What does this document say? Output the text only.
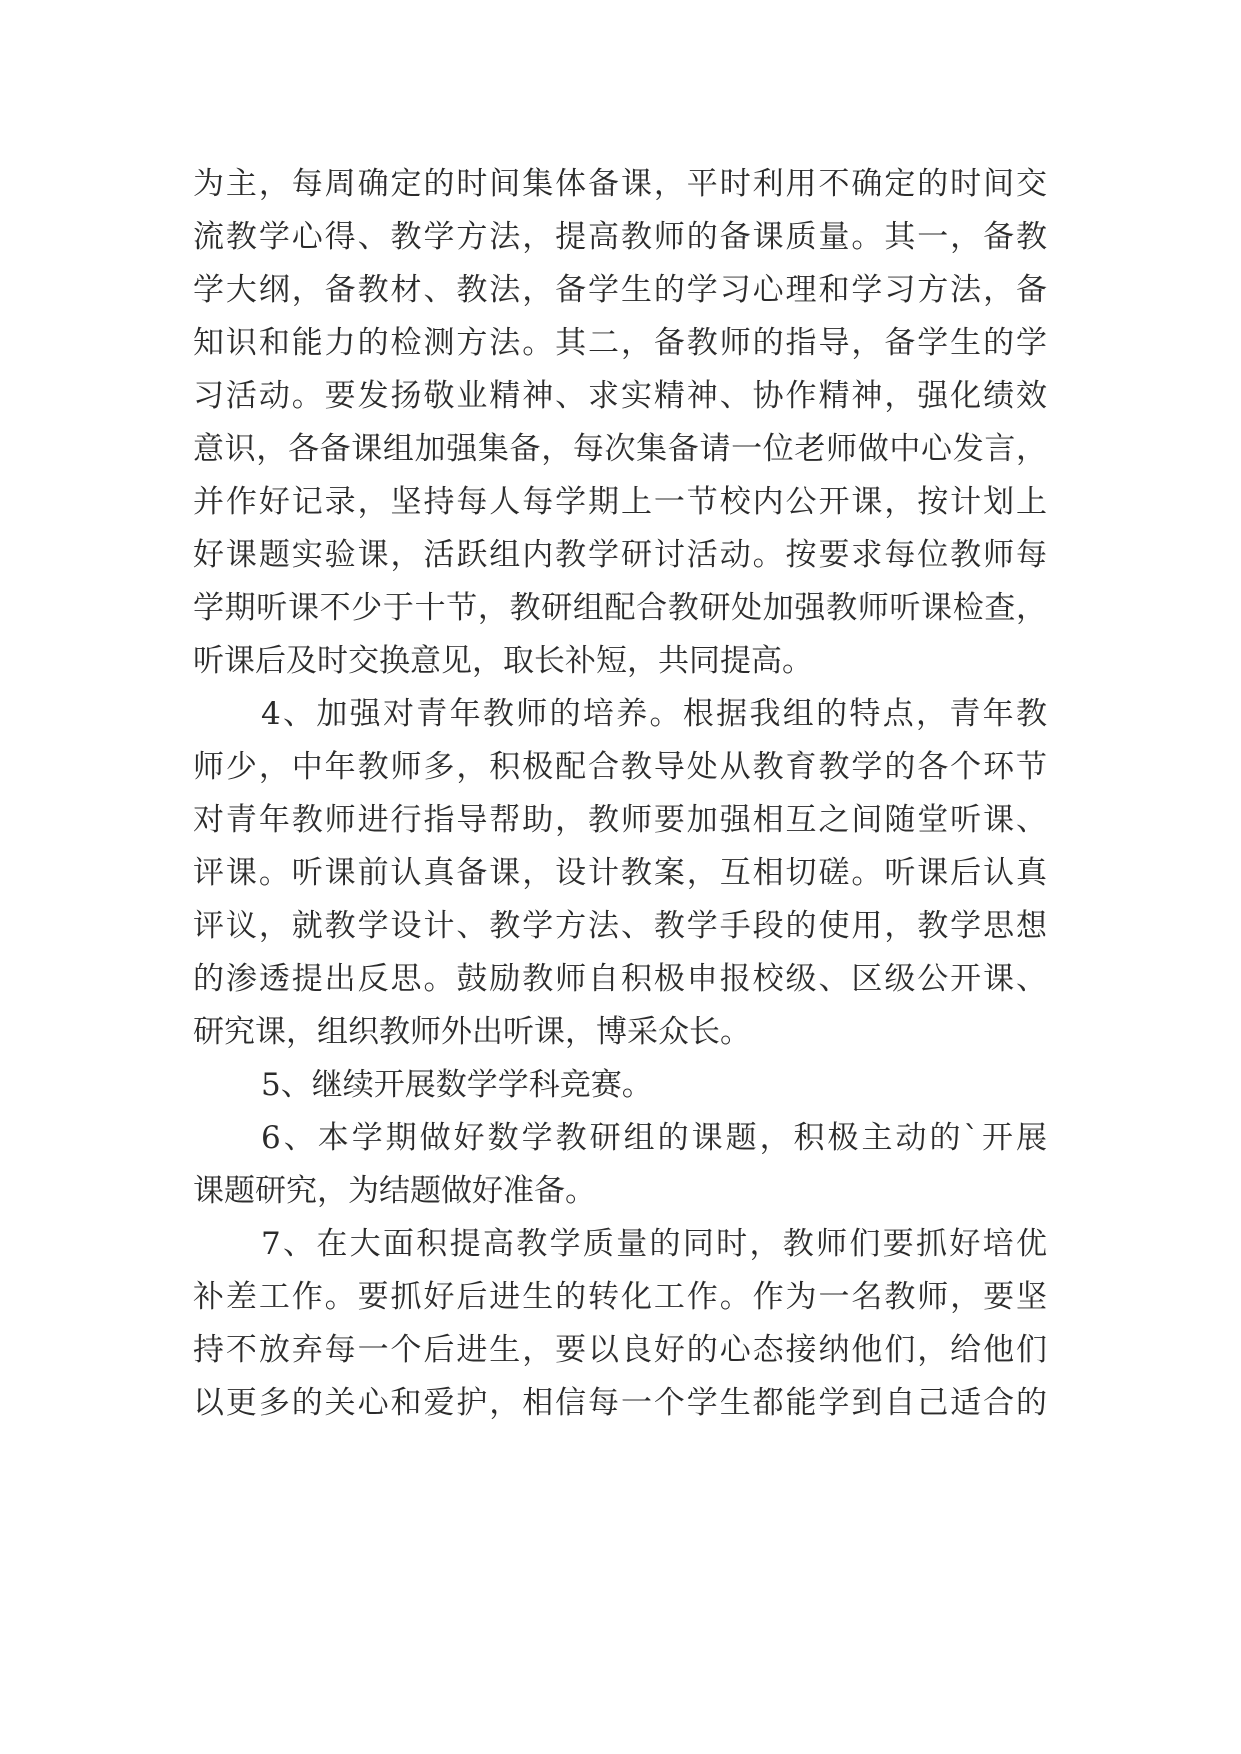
为主，每周确定的时间集体备课，平时利用不确定的时间交
流教学心得、教学方法，提高教师的备课质量。其一，备教
学大纲，备教材、教法，备学生的学习心理和学习方法，备
知识和能力的检测方法。其二，备教师的指导，备学生的学
习活动。要发扬敬业精神、求实精神、协作精神，强化绩效
意识，各备课组加强集备，每次集备请一位老师做中心发言，
并作好记录，坚持每人每学期上一节校内公开课，按计划上
好课题实验课，活跃组内教学研讨活动。按要求每位教师每
学期听课不少于十节，教研组配合教研处加强教师听课检查，
听课后及时交换意见，取长补短，共同提高。
4、加强对青年教师的培养。根据我组的特点，青年教
师少，中年教师多，积极配合教导处从教育教学的各个环节
对青年教师进行指导帮助，教师要加强相互之间随堂听课、
评课。听课前认真备课，设计教案，互相切磋。听课后认真
评议，就教学设计、教学方法、教学手段的使用，教学思想
的渗透提出反思。鼓励教师自积极申报校级、区级公开课、
研究课，组织教师外出听课，博采众长。
5、继续开展数学学科竞赛。
6、本学期做好数学教研组的课题，积极主动的`开展
课题研究，为结题做好准备。
7、在大面积提高教学质量的同时，教师们要抓好培优
补差工作。要抓好后进生的转化工作。作为一名教师，要坚
持不放弃每一个后进生，要以良好的心态接纳他们，给他们
以更多的关心和爱护，相信每一个学生都能学到自己适合的
